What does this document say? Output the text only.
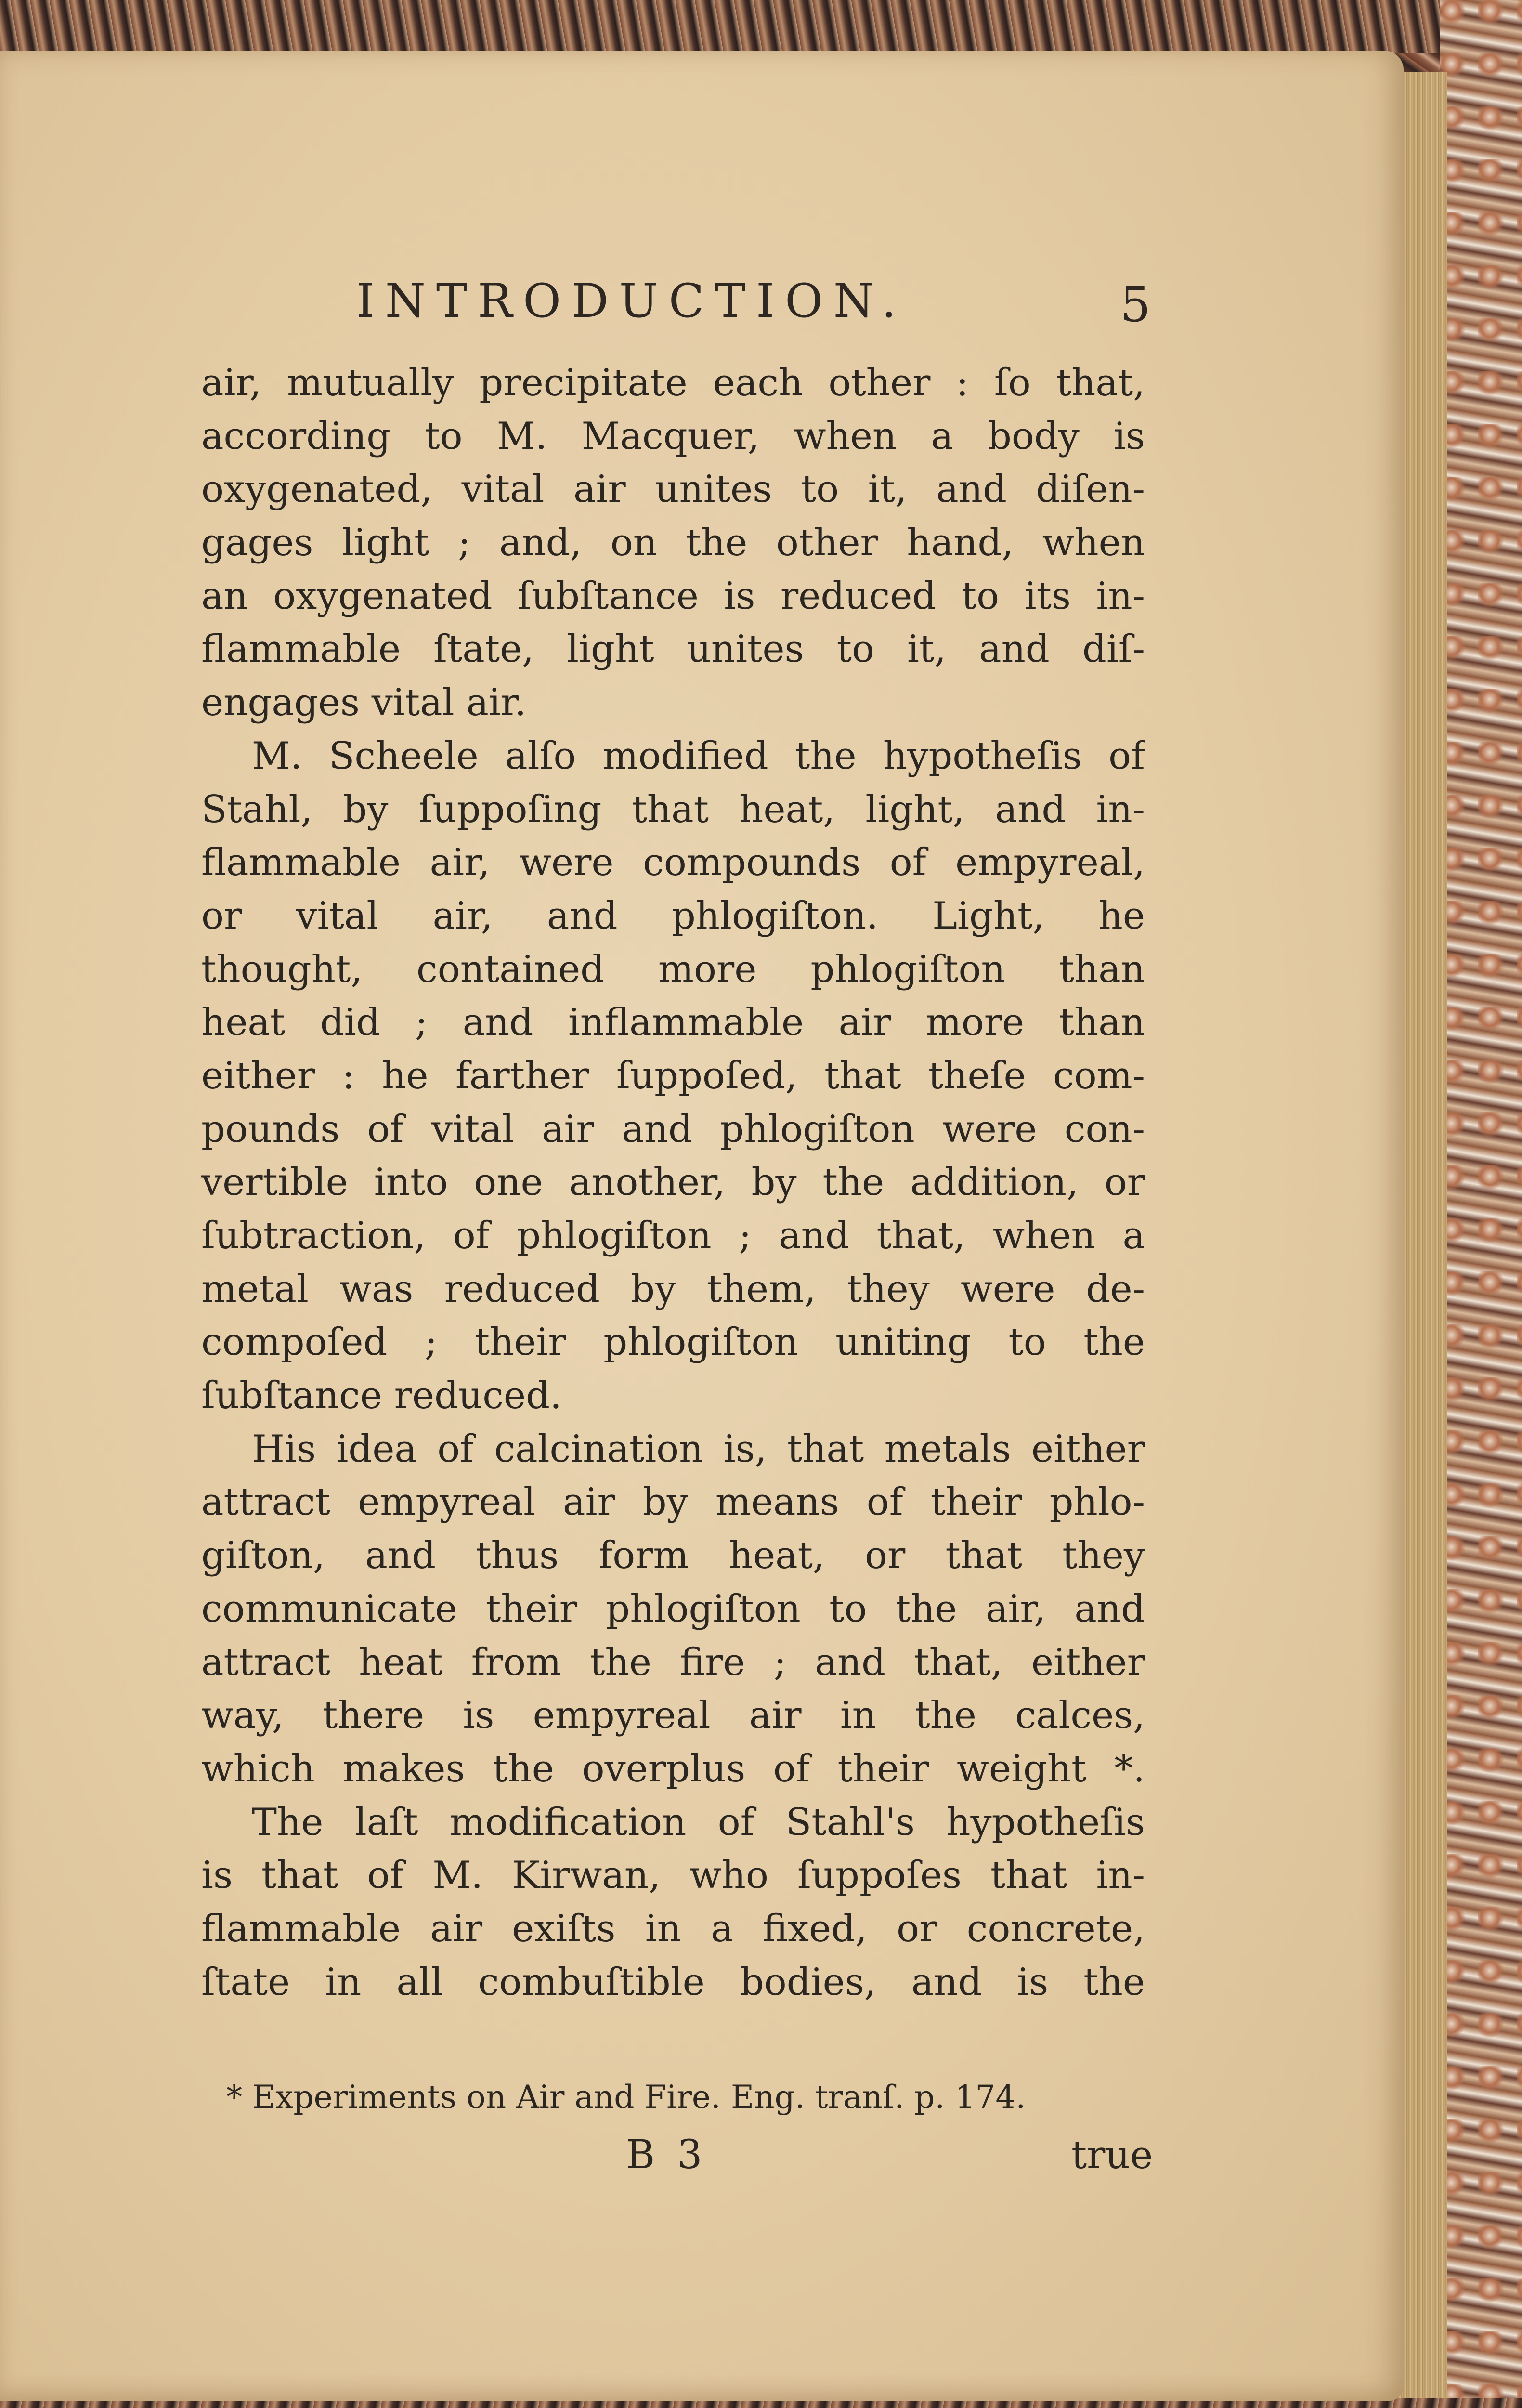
INTRODUCTION.	5
air, mutually precipitate each other : ſo that,
according to M. Macquer, when a body is
oxygenated, vital air unites to it, and diſen-
gages light ; and, on the other hand, when
an oxygenated ſubſtance is reduced to its in-
flammable ſtate, light unites to it, and diſ-
engages vital air.
M. Scheele alſo modified the hypotheſis of
Stahl, by ſuppoſing that heat, light, and in-
flammable air, were compounds of empyreal,
or vital air, and phlogiſton. Light, he
thought, contained more phlogiſton than
heat did ; and inflammable air more than
either : he farther ſuppoſed, that theſe com-
pounds of vital air and phlogiſton were con-
vertible into one another, by the addition, or
ſubtraction, of phlogiſton ; and that, when a
metal was reduced by them, they were de-
compoſed ; their phlogiſton uniting to the
ſubſtance reduced.
His idea of calcination is, that metals either
attract empyreal air by means of their phlo-
giſton, and thus form heat, or that they
communicate their phlogiſton to the air, and
attract heat from the fire ; and that, either
way, there is empyreal air in the calces,
which makes the overplus of their weight *.
The laſt modification of Stahl's hypotheſis
is that of M. Kirwan, who ſuppoſes that in-
flammable air exiſts in a fixed, or concrete,
ſtate in all combuſtible bodies, and is the
* Experiments on Air and Fire. Eng. tranſ. p. 174.
B 3	true
